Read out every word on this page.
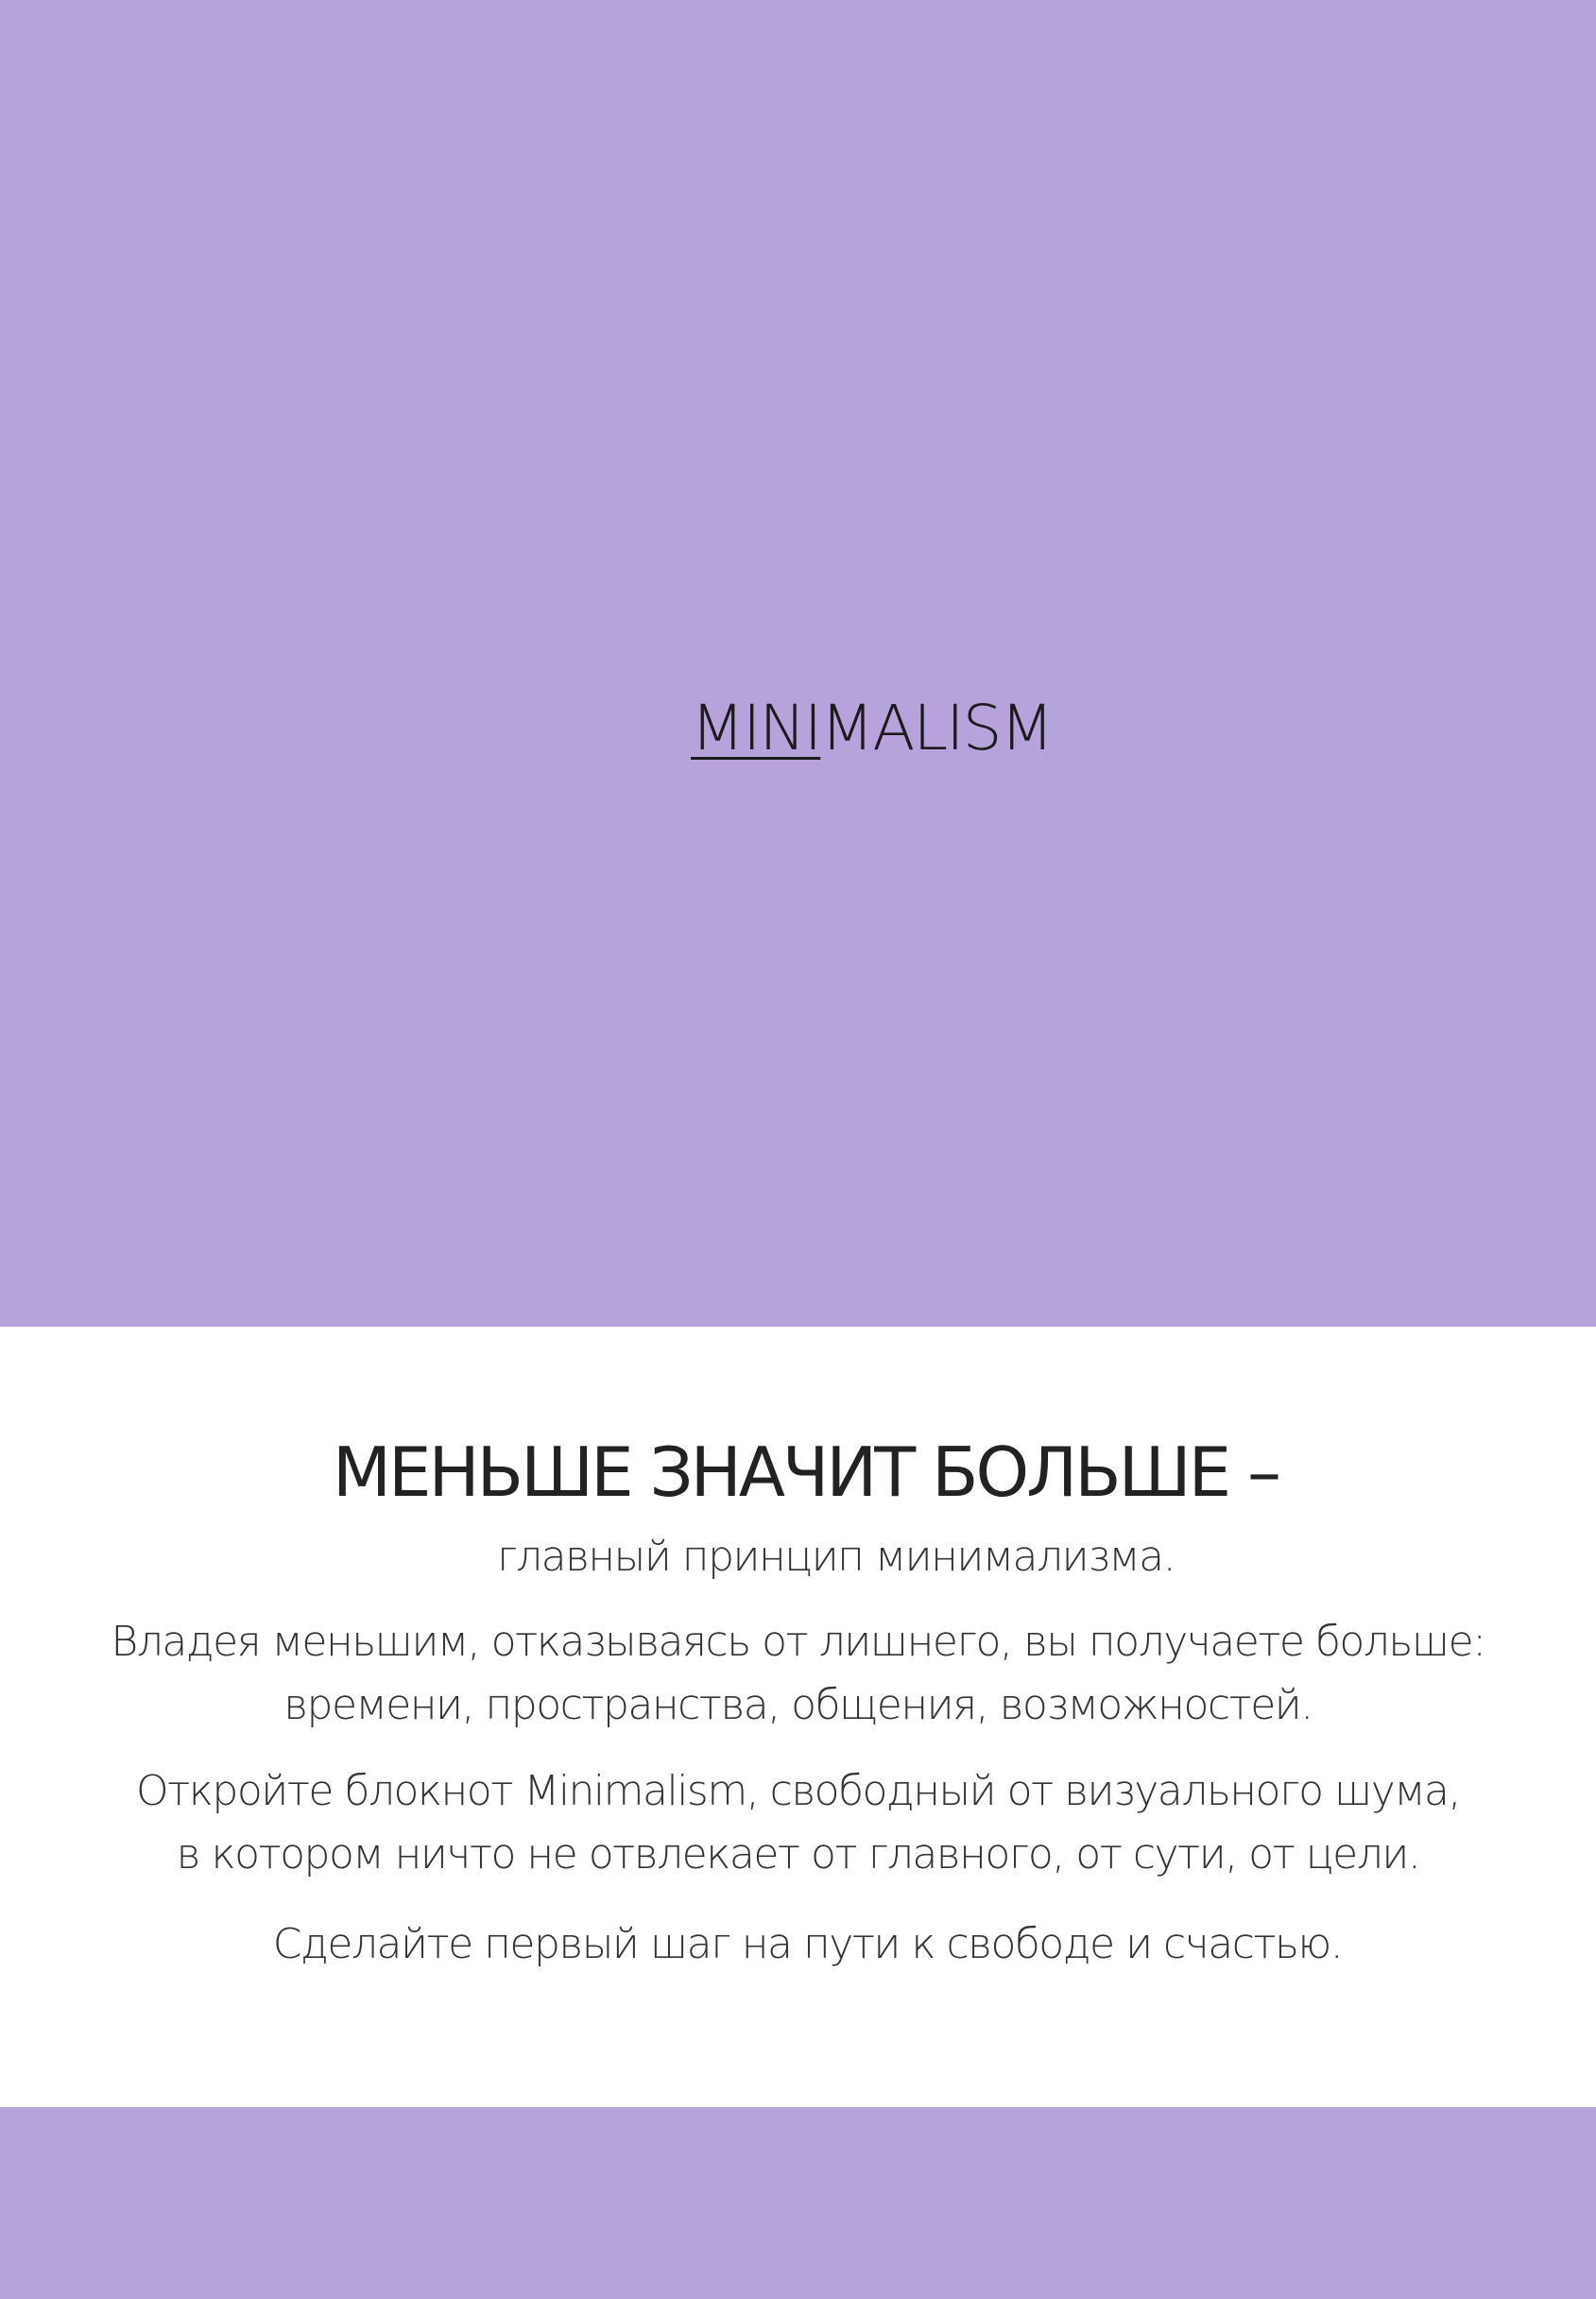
MINIMALISM
МЕНЬШЕ ЗНАЧИТ БОЛЬШЕ –
главный принцип минимализма.
Владея меньшим, отказываясь от лишнего, вы получаете больше:
времени, пространства, общения, возможностей.
Откройте блокнот Minimalism, свободный от визуального шума,
в котором ничто не отвлекает от главного, от сути, от цели.
Сделайте первый шаг на пути к свободе и счастью.
